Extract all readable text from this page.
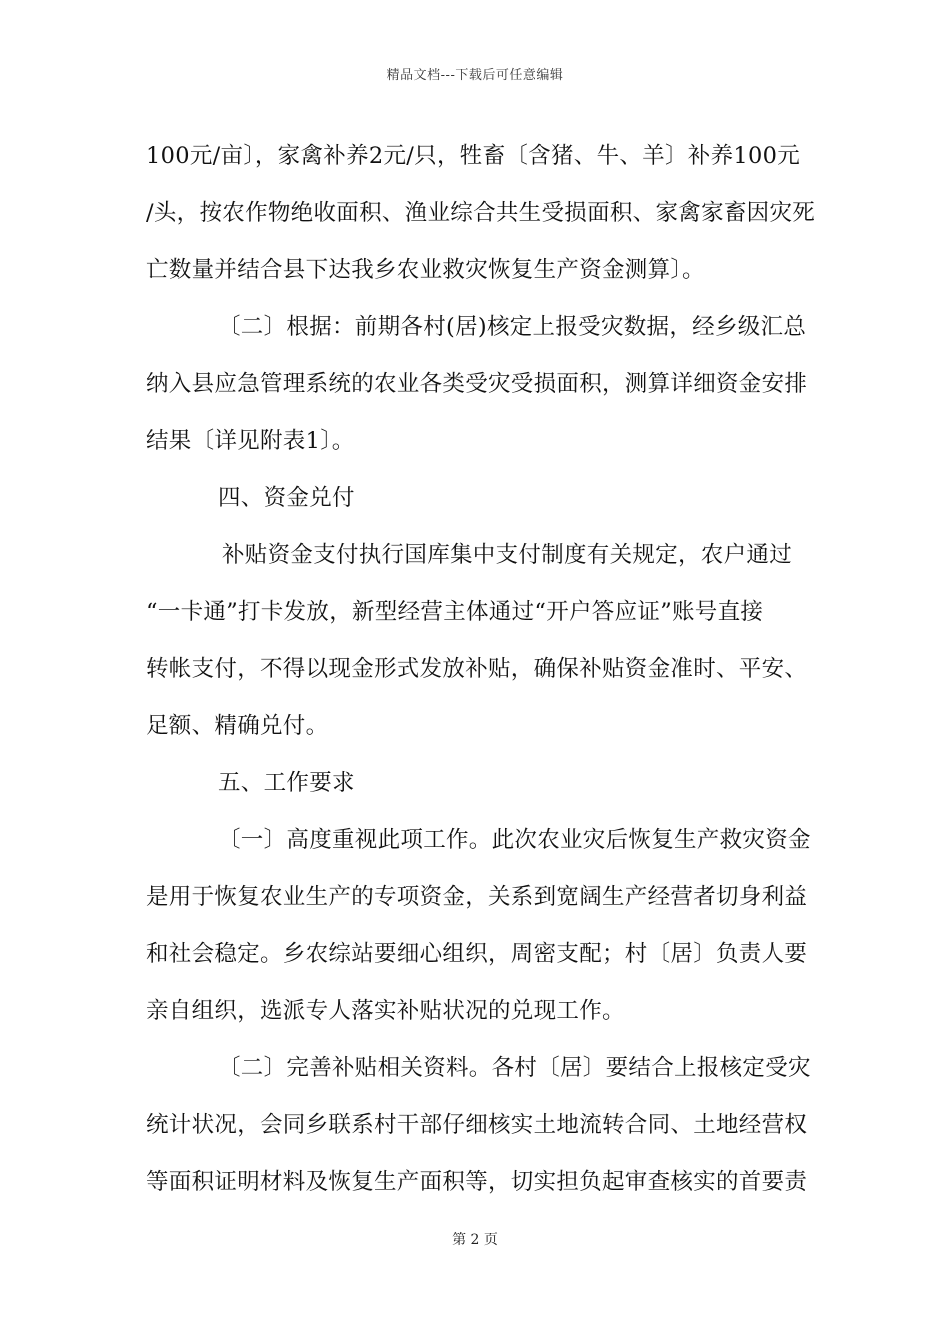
精品文档---下载后可任意编辑
100元/亩〕，家禽补养2元/只，牲畜〔含猪、牛、羊〕补养100元
/头，按农作物绝收面积、渔业综合共生受损面积、家禽家畜因灾死
亡数量并结合县下达我乡农业救灾恢复生产资金测算〕。
〔二〕根据：前期各村(居)核定上报受灾数据，经乡级汇总
纳入县应急管理系统的农业各类受灾受损面积，测算详细资金安排
结果〔详见附表1〕。
四、资金兑付
补贴资金支付执行国库集中支付制度有关规定，农户通过
“一卡通”打卡发放，新型经营主体通过“开户答应证”账号直接
转帐支付，不得以现金形式发放补贴，确保补贴资金准时、平安、
足额、精确兑付。
五、工作要求
〔一〕高度重视此项工作。此次农业灾后恢复生产救灾资金
是用于恢复农业生产的专项资金，关系到宽阔生产经营者切身利益
和社会稳定。乡农综站要细心组织，周密支配；村〔居〕负责人要
亲自组织，选派专人落实补贴状况的兑现工作。
〔二〕完善补贴相关资料。各村〔居〕要结合上报核定受灾
统计状况，会同乡联系村干部仔细核实土地流转合同、土地经营权
等面积证明材料及恢复生产面积等，切实担负起审查核实的首要责
第 2 页
